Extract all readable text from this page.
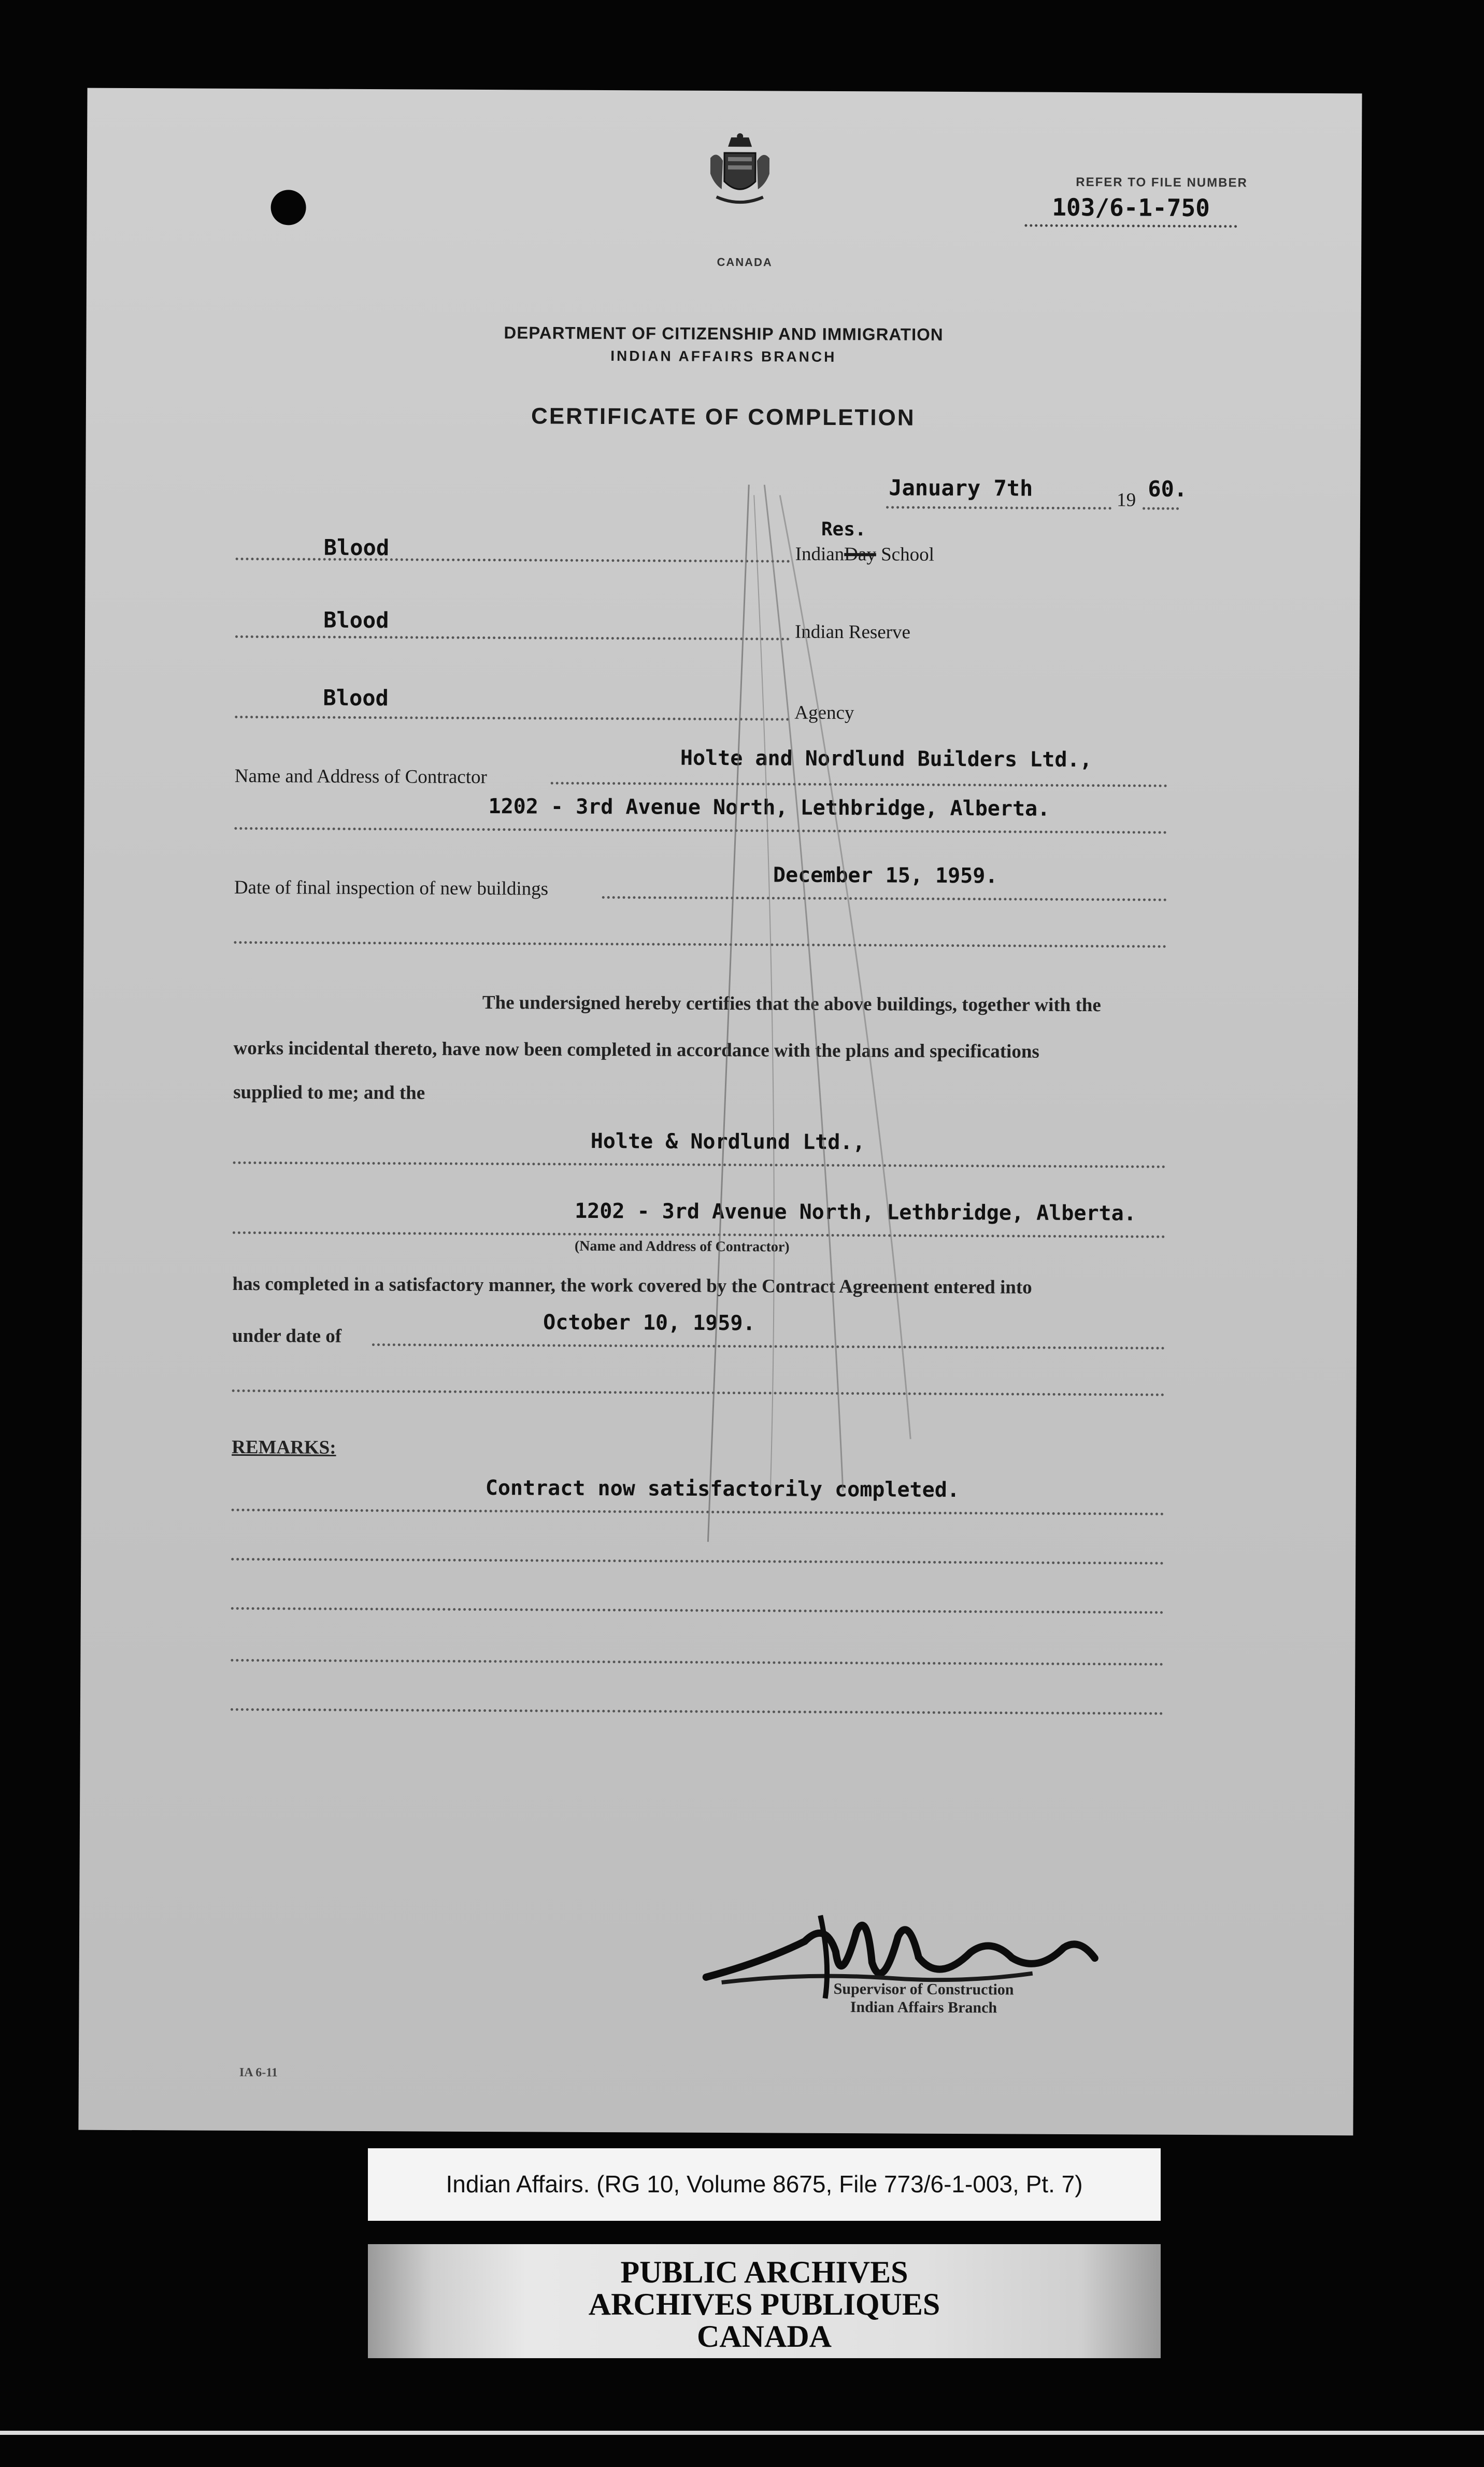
CANADA
REFER TO FILE NUMBER
103/6-1-750
DEPARTMENT OF CITIZENSHIP AND IMMIGRATION
INDIAN AFFAIRS BRANCH
CERTIFICATE OF COMPLETION
January 7th	19 60.
Blood
Res.
IndianDay School
Blood	Indian Reserve
Blood
Agency
Name and Address of Contractor
Holte and Nordlund Builders Ltd.,
1202 - 3rd Avenue North, Lethbridge, Alberta.
Date of final inspection of new buildings
December 15, 1959.
The undersigned hereby certifies that the above buildings, together with the
works incidental thereto, have now been completed in accordance with the plans and specifications
supplied to me; and the
Holte & Nordlund Ltd.,
1202 - 3rd Avenue North, Lethbridge, Alberta.
(Name and Address of Contractor)
has completed in a satisfactory manner, the work covered by the Contract Agreement entered into
under date of
October 10, 1959.
REMARKS:
Contract now satisfactorily completed.
Supervisor of Construction
Indian Affairs Branch
IA 6-11
Indian Affairs. (RG 10, Volume 8675, File 773/6-1-003, Pt. 7)
PUBLIC ARCHIVES
ARCHIVES PUBLIQUES
CANADA
